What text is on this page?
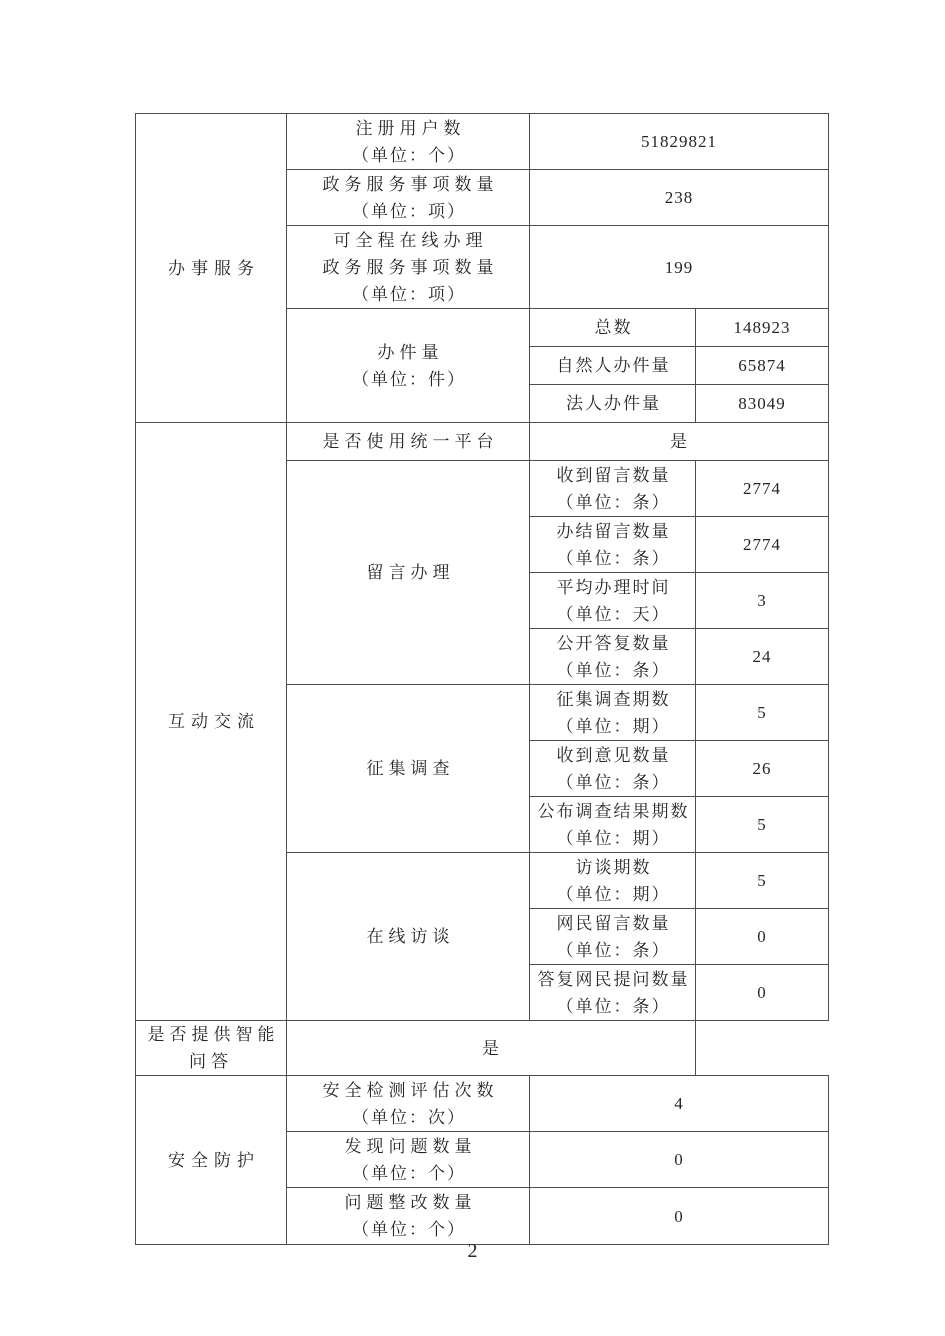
办事服务	注册用户数
（单位：个）	51829821	

	政务服务事项数量
（单位：项）	238	

	可全程在线办理
政务服务事项数量
（单位：项）	199	

	办件量
（单位：件）	总数	148923
		自然人办件量	65874
		法人办件量	83049
互动交流	是否使用统一平台	是	
	留言办理	收到留言数量
（单位：条）	2774

		办结留言数量
（单位：条）	2774

		平均办理时间
（单位：天）	3

		公开答复数量
（单位：条）	24
	征集调查	征集调查期数
（单位：期）	5

		收到意见数量
（单位：条）	26

		公布调查结果期数
（单位：期）	5
	在线访谈	访谈期数
（单位：期）	5

		网民留言数量
（单位：条）	0

		答复网民提问数量
（单位：条）	0
是否提供智能问答	是		
安全防护	安全检测评估次数
（单位：次）	4	

	发现问题数量
（单位：个）	0	

	问题整改数量
（单位：个）	0	
2
